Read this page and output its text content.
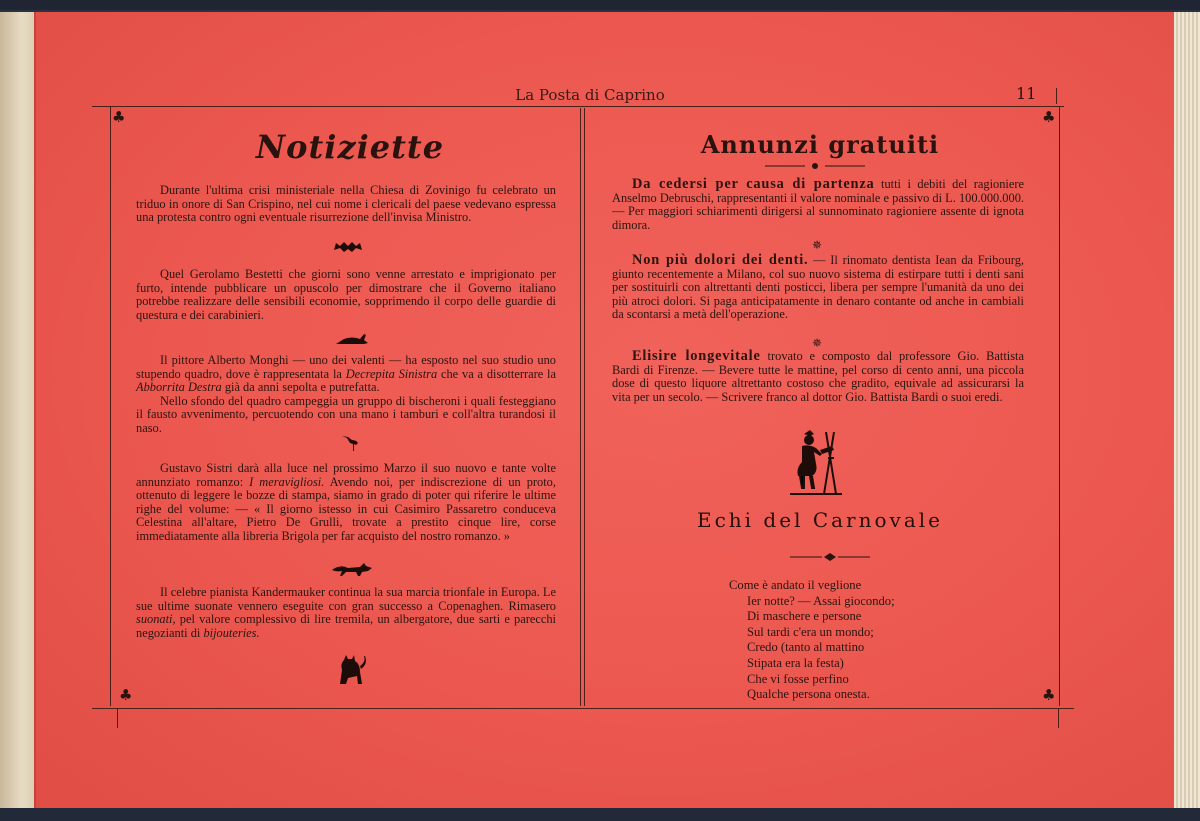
La Posta di Caprino	11
♣	♣
♣	♣
Notiziette
Durante l'ultima crisi ministeriale nella Chiesa di Zovinigo fu celebrato un triduo in onore di San Crispino, nel cui nome i clericali del paese vedevano espressa una protesta contro ogni eventuale risurrezione dell'invisa Ministro.
Quel Gerolamo Bestetti che giorni sono venne arrestato e imprigionato per furto, intende pubblicare un opuscolo per dimostrare che il Governo italiano potrebbe realizzare delle sensibili economie, sopprimendo il corpo delle guardie di questura e dei carabinieri.
Il pittore Alberto Monghi — uno dei valenti — ha esposto nel suo studio uno stupendo quadro, dove è rappresentata la Decrepita Sinistra che va a disotterrare la Abborrita Destra già da anni sepolta e putrefatta.
Nello sfondo del quadro campeggia un gruppo di bischeroni i quali festeggiano il fausto avvenimento, percuotendo con una mano i tamburi e coll'altra turandosi il naso.
Gustavo Sistri darà alla luce nel prossimo Marzo il suo nuovo e tante volte annunziato romanzo: I meravigliosi. Avendo noi, per indiscrezione di un proto, ottenuto di leggere le bozze di stampa, siamo in grado di poter qui riferire le ultime righe del volume: — « Il giorno istesso in cui Casimiro Passaretro conduceva Celestina all'altare, Pietro De Grulli, trovate a prestito cinque lire, corse immediatamente alla libreria Brigola per far acquisto del nostro romanzo. »
Il celebre pianista Kandermauker continua la sua marcia trionfale in Europa. Le sue ultime suonate vennero eseguite con gran successo a Copenaghen. Rimasero suonati, pel valore complessivo di lire tremila, un albergatore, due sarti e parecchi negozianti di bijouteries.
Annunzi gratuiti
Da cedersi per causa di partenza tutti i debiti del ragioniere Anselmo Debruschi, rappresentanti il valore nominale e passivo di L. 100.000.000. — Per maggiori schiarimenti dirigersi al sunnominato ragioniere assente di ignota dimora.
✵
Non più dolori dei denti. — Il rinomato dentista Iean da Fribourg, giunto recentemente a Milano, col suo nuovo sistema di estirpare tutti i denti sani per sostituirli con altrettanti denti posticci, libera per sempre l'umanità da uno dei più atroci dolori. Si paga anticipatamente in denaro contante od anche in cambiali da scontarsi a metà dell'operazione.
✵
Elisire longevitale trovato e composto dal professore Gio. Battista Bardi di Firenze. — Bevere tutte le mattine, pel corso di cento anni, una piccola dose di questo liquore altrettanto costoso che gradito, equivale ad assicurarsi la vita per un secolo. — Scrivere franco al dottor Gio. Battista Bardi o suoi eredi.
Echi del Carnovale
Come è andato il veglione
Ier notte? — Assai giocondo;
Di maschere e persone
Sul tardi c'era un mondo;
Credo (tanto al mattino
Stipata era la festa)
Che vi fosse perfino
Qualche persona onesta.
